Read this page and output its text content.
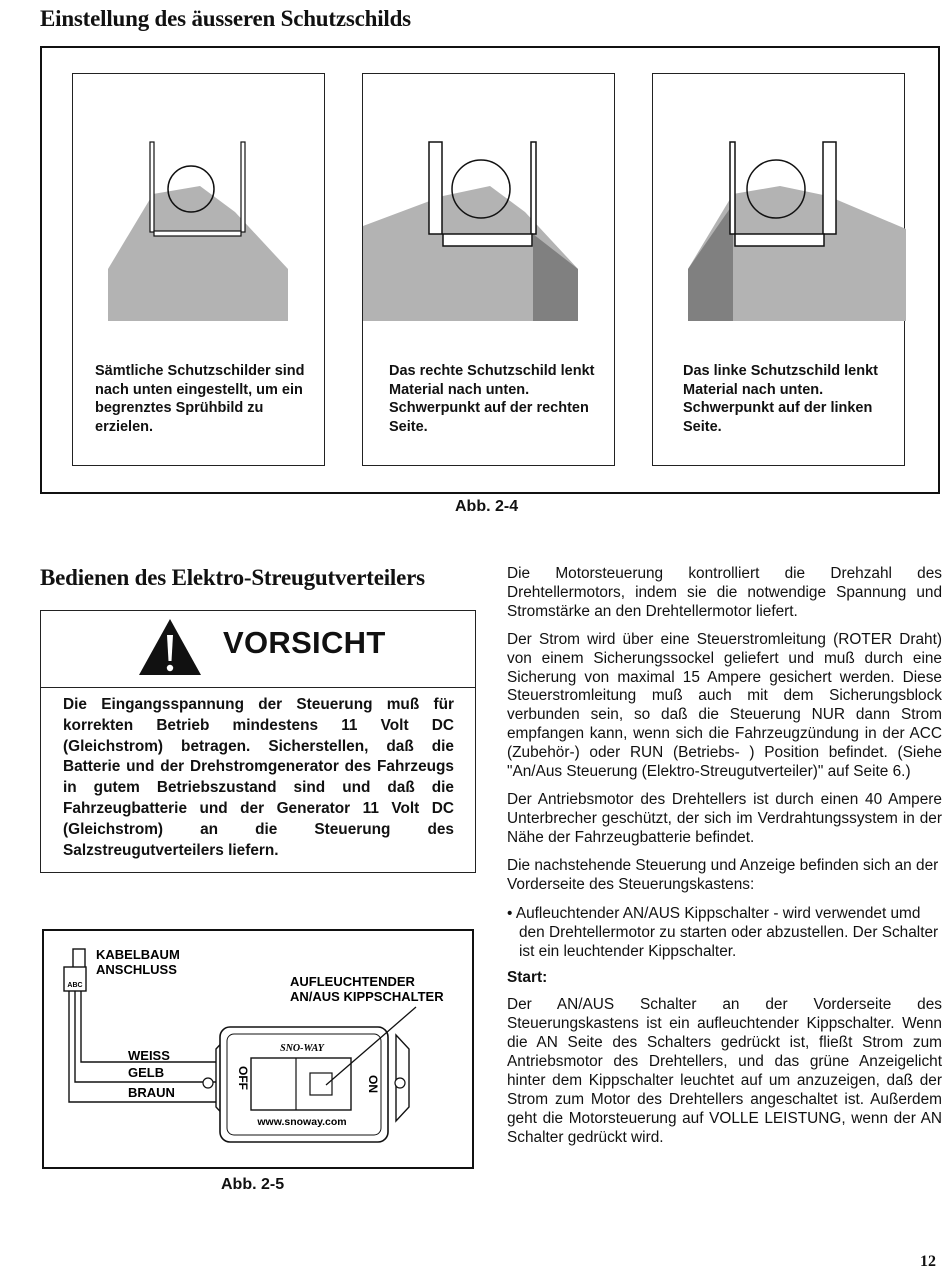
Einstellung des äusseren Schutzschilds
Sämtliche Schutzschilder sind nach unten eingestellt, um ein begrenztes Sprühbild zu erzielen.
Das rechte Schutzschild lenkt Material nach unten. Schwerpunkt auf der rechten Seite.
Das linke Schutzschild lenkt Material nach unten. Schwerpunkt auf der linken Seite.
Abb. 2-4
Bedienen des Elektro-Streugutverteilers
VORSICHT
Die Eingangsspannung der Steuerung muß für korrekten Betrieb mindestens 11 Volt DC (Gleichstrom) betragen. Sicherstellen, daß die Batterie und der Drehstromgenerator des Fahrzeugs in gutem Betriebszustand sind und daß die Fahrzeugbatterie und der Generator 11 Volt DC (Gleichstrom) an die Steuerung des Salzstreugutverteilers liefern.
ABC
SNO-WAY
OFF	ON
www.snoway.com
KABELBAUM
ANSCHLUSS
AUFLEUCHTENDER
AN/AUS KIPPSCHALTER
WEISS
GELB
BRAUN
Abb. 2-5

Die Motorsteuerung kontrolliert die Drehzahl des Drehtellermotors, indem sie die notwendige Spannung und Stromstärke an den Drehtellermotor liefert.

Der Strom wird über eine Steuerstromleitung (ROTER Draht) von einem Sicherungssockel geliefert und muß durch eine Sicherung von maximal 15 Ampere gesichert werden. Diese Steuerstromleitung muß auch mit dem Sicherungsblock verbunden sein, so daß die Steuerung NUR dann Strom empfangen kann, wenn sich die Fahrzeugzündung in der ACC (Zubehör-) oder RUN (Betriebs- ) Position befindet. (Siehe "An/Aus Steuerung (Elektro-Streugutverteiler)" auf Seite 6.)

Der Antriebsmotor des Drehtellers ist durch einen 40 Ampere Unterbrecher geschützt, der sich im Verdrahtungssystem in der Nähe der Fahrzeugbatterie befindet.

Die nachstehende Steuerung und Anzeige befinden sich an der Vorderseite des Steuerungskastens:

• Aufleuchtender AN/AUS Kippschalter - wird verwendet umd den Drehtellermotor zu starten oder abzustellen. Der Schalter ist ein leuchtender Kippschalter.
Start:

Der AN/AUS Schalter an der Vorderseite des Steuerungskastens ist ein aufleuchtender Kippschalter. Wenn die AN Seite des Schalters gedrückt ist, fließt Strom zum Antriebsmotor des Drehtellers, und das grüne Anzeigelicht hinter dem Kippschalter leuchtet auf um anzuzeigen, daß der Strom zum Motor des Drehtellers angeschaltet ist. Außerdem geht die Motorsteuerung auf VOLLE LEISTUNG, wenn der AN Schalter gedrückt wird.

12
